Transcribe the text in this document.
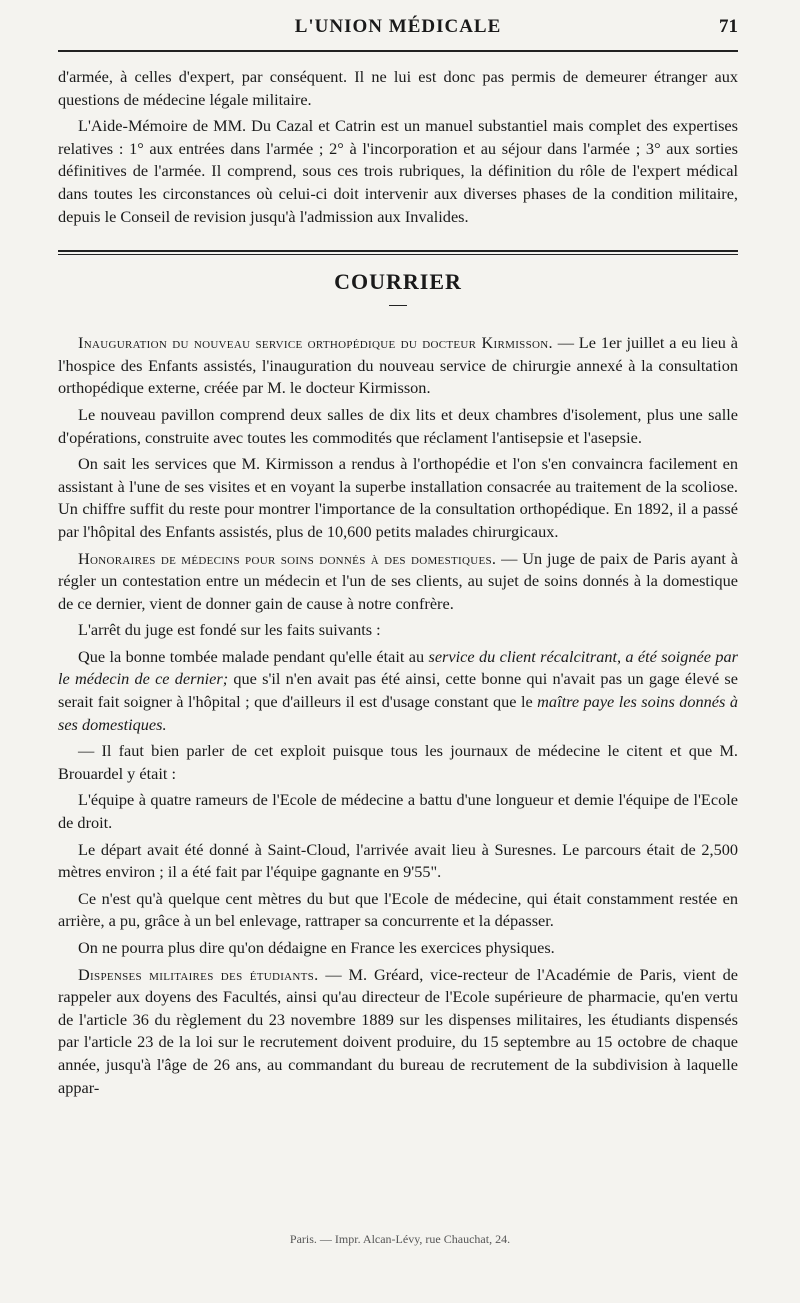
L'UNION MÉDICALE	71

d'armée, à celles d'expert, par conséquent. Il ne lui est donc pas permis de demeurer étranger aux questions de médecine légale militaire.

L'Aide-Mémoire de MM. Du Cazal et Catrin est un manuel substantiel mais complet des expertises relatives : 1° aux entrées dans l'armée ; 2° à l'incorporation et au séjour dans l'armée ; 3° aux sorties définitives de l'armée. Il comprend, sous ces trois rubriques, la définition du rôle de l'expert médical dans toutes les circonstances où celui-ci doit intervenir aux diverses phases de la condition militaire, depuis le Conseil de revision jusqu'à l'admission aux Invalides.

COURRIER

Inauguration du nouveau service orthopédique du docteur Kirmisson. — Le 1er juillet a eu lieu à l'hospice des Enfants assistés, l'inauguration du nouveau service de chirurgie annexé à la consultation orthopédique externe, créée par M. le docteur Kirmisson.

Le nouveau pavillon comprend deux salles de dix lits et deux chambres d'isolement, plus une salle d'opérations, construite avec toutes les commodités que réclament l'antisepsie et l'asepsie.

On sait les services que M. Kirmisson a rendus à l'orthopédie et l'on s'en convaincra facilement en assistant à l'une de ses visites et en voyant la superbe installation consacrée au traitement de la scoliose. Un chiffre suffit du reste pour montrer l'importance de la consultation orthopédique. En 1892, il a passé par l'hôpital des Enfants assistés, plus de 10,600 petits malades chirurgicaux.

Honoraires de médecins pour soins donnés à des domestiques. — Un juge de paix de Paris ayant à régler un contestation entre un médecin et l'un de ses clients, au sujet de soins donnés à la domestique de ce dernier, vient de donner gain de cause à notre confrère.

L'arrêt du juge est fondé sur les faits suivants :

Que la bonne tombée malade pendant qu'elle était au service du client récalcitrant, a été soignée par le médecin de ce dernier; que s'il n'en avait pas été ainsi, cette bonne qui n'avait pas un gage élevé se serait fait soigner à l'hôpital ; que d'ailleurs il est d'usage constant que le maître paye les soins donnés à ses domestiques.

— Il faut bien parler de cet exploit puisque tous les journaux de médecine le citent et que M. Brouardel y était :

L'équipe à quatre rameurs de l'Ecole de médecine a battu d'une longueur et demie l'équipe de l'Ecole de droit.

Le départ avait été donné à Saint-Cloud, l'arrivée avait lieu à Suresnes. Le parcours était de 2,500 mètres environ ; il a été fait par l'équipe gagnante en 9'55".

Ce n'est qu'à quelque cent mètres du but que l'Ecole de médecine, qui était constamment restée en arrière, a pu, grâce à un bel enlevage, rattraper sa concurrente et la dépasser.

On ne pourra plus dire qu'on dédaigne en France les exercices physiques.

Dispenses militaires des étudiants. — M. Gréard, vice-recteur de l'Académie de Paris, vient de rappeler aux doyens des Facultés, ainsi qu'au directeur de l'Ecole supérieure de pharmacie, qu'en vertu de l'article 36 du règlement du 23 novembre 1889 sur les dispenses militaires, les étudiants dispensés par l'article 23 de la loi sur le recrutement doivent produire, du 15 septembre au 15 octobre de chaque année, jusqu'à l'âge de 26 ans, au commandant du bureau de recrutement de la subdivision à laquelle appar-

Paris. — Impr. Alcan-Lévy, rue Chauchat, 24.
